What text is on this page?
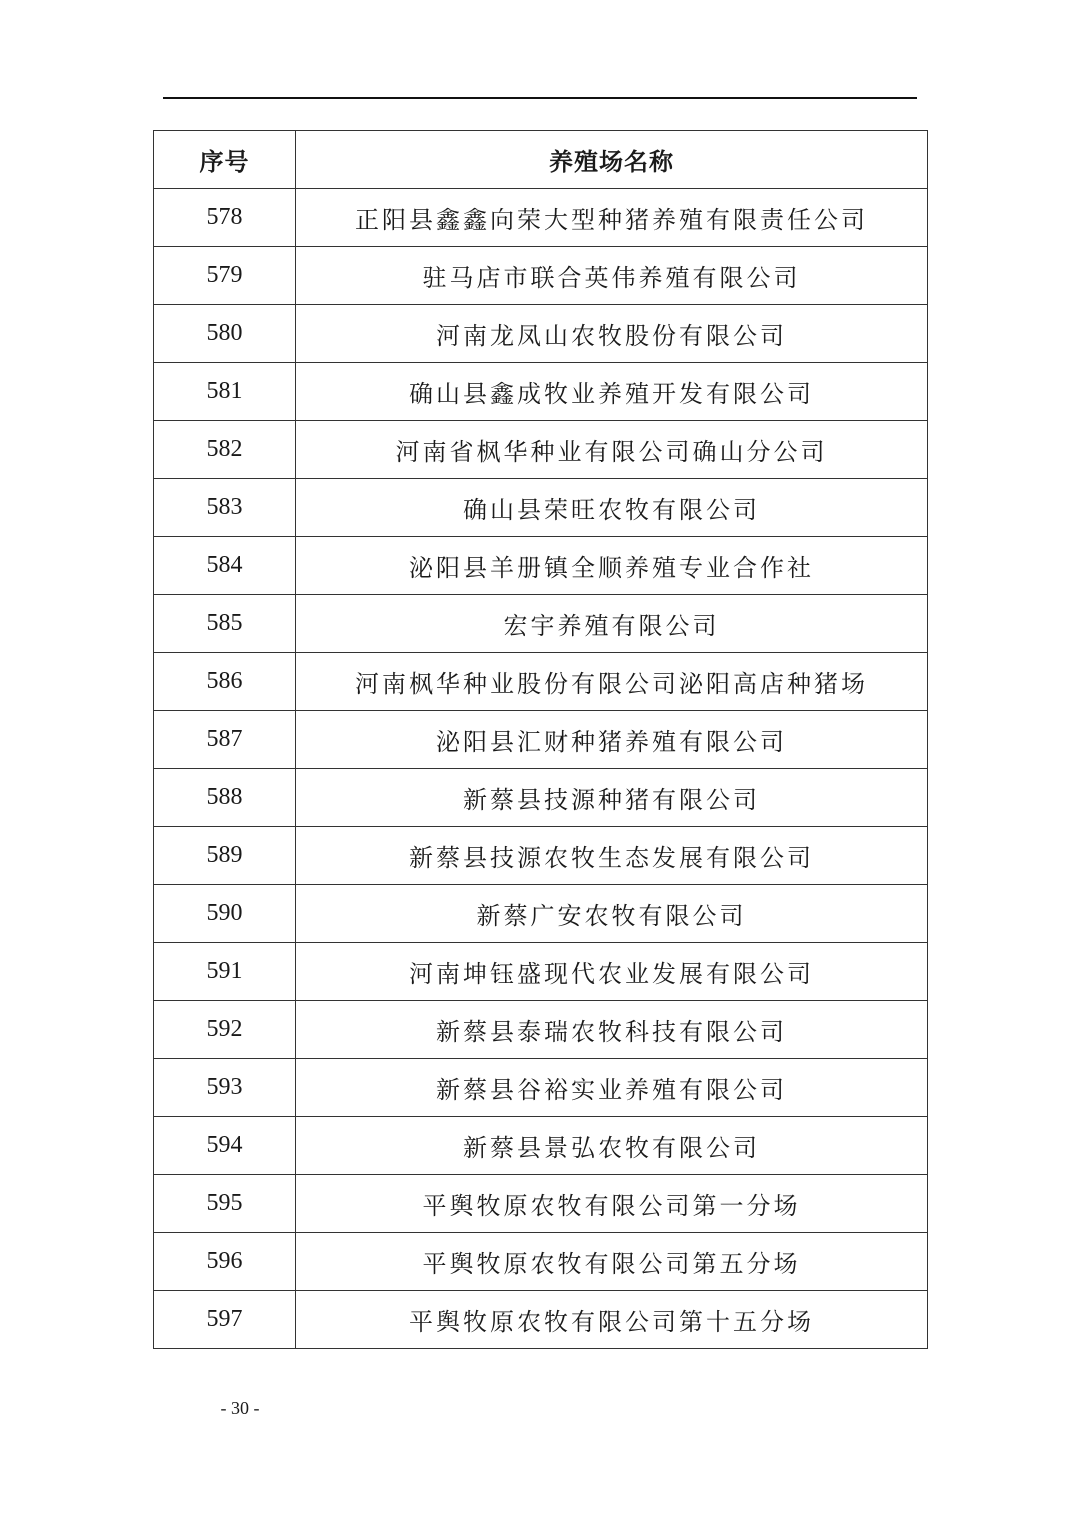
序号	养殖场名称
578	正阳县鑫鑫向荣大型种猪养殖有限责任公司
579	驻马店市联合英伟养殖有限公司
580	河南龙凤山农牧股份有限公司
581	确山县鑫成牧业养殖开发有限公司
582	河南省枫华种业有限公司确山分公司
583	确山县荣旺农牧有限公司
584	泌阳县羊册镇全顺养殖专业合作社
585	宏宇养殖有限公司
586	河南枫华种业股份有限公司泌阳高店种猪场
587	泌阳县汇财种猪养殖有限公司
588	新蔡县技源种猪有限公司
589	新蔡县技源农牧生态发展有限公司
590	新蔡广安农牧有限公司
591	河南坤钰盛现代农业发展有限公司
592	新蔡县泰瑞农牧科技有限公司
593	新蔡县谷裕实业养殖有限公司
594	新蔡县景弘农牧有限公司
595	平舆牧原农牧有限公司第一分场
596	平舆牧原农牧有限公司第五分场
597	平舆牧原农牧有限公司第十五分场
- 30 -
